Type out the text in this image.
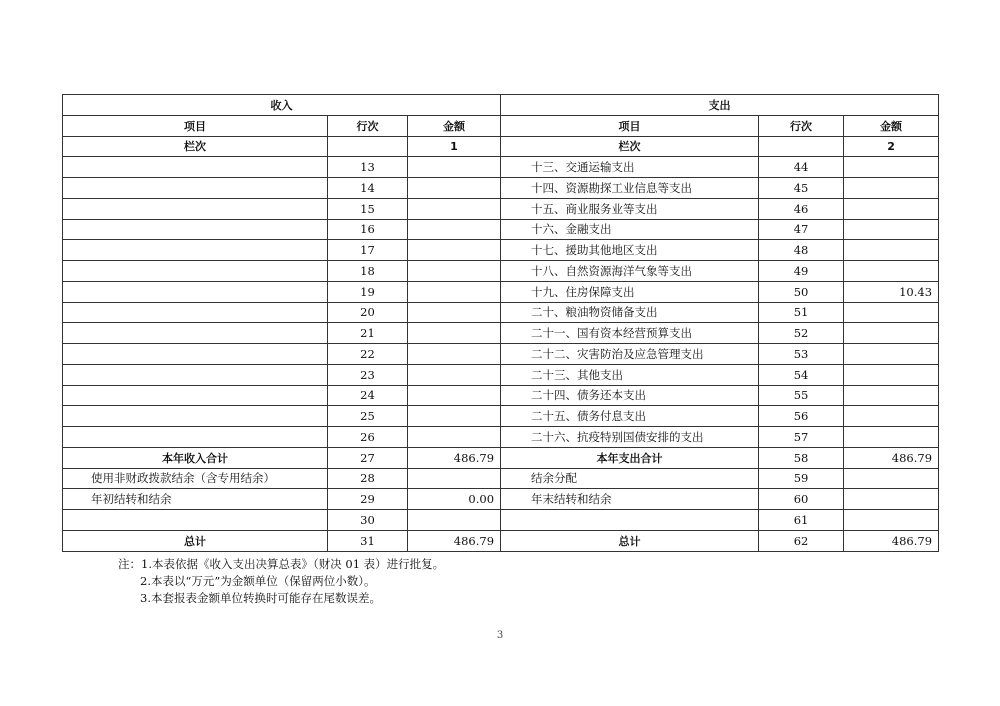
收入			支出		
项目	行次	金额	项目	行次	金额
栏次		1	栏次		2
	13		十三、交通运输支出	44	
	14		十四、资源勘探工业信息等支出	45	
	15		十五、商业服务业等支出	46	
	16		十六、金融支出	47	
	17		十七、援助其他地区支出	48	
	18		十八、自然资源海洋气象等支出	49	
	19		十九、住房保障支出	50	10.43
	20		二十、粮油物资储备支出	51	
	21		二十一、国有资本经营预算支出	52	
	22		二十二、灾害防治及应急管理支出	53	
	23		二十三、其他支出	54	
	24		二十四、债务还本支出	55	
	25		二十五、债务付息支出	56	
	26		二十六、抗疫特别国债安排的支出	57	
本年收入合计	27	486.79	本年支出合计	58	486.79
使用非财政拨款结余（含专用结余）	28		结余分配	59	
年初结转和结余	29	0.00	年末结转和结余	60	
	30			61	
总计	31	486.79	总计	62	486.79
注：1.本表依据《收入支出决算总表》（财决 01 表）进行批复。
2.本表以“万元”为金额单位（保留两位小数）。
3.本套报表金额单位转换时可能存在尾数误差。
3
